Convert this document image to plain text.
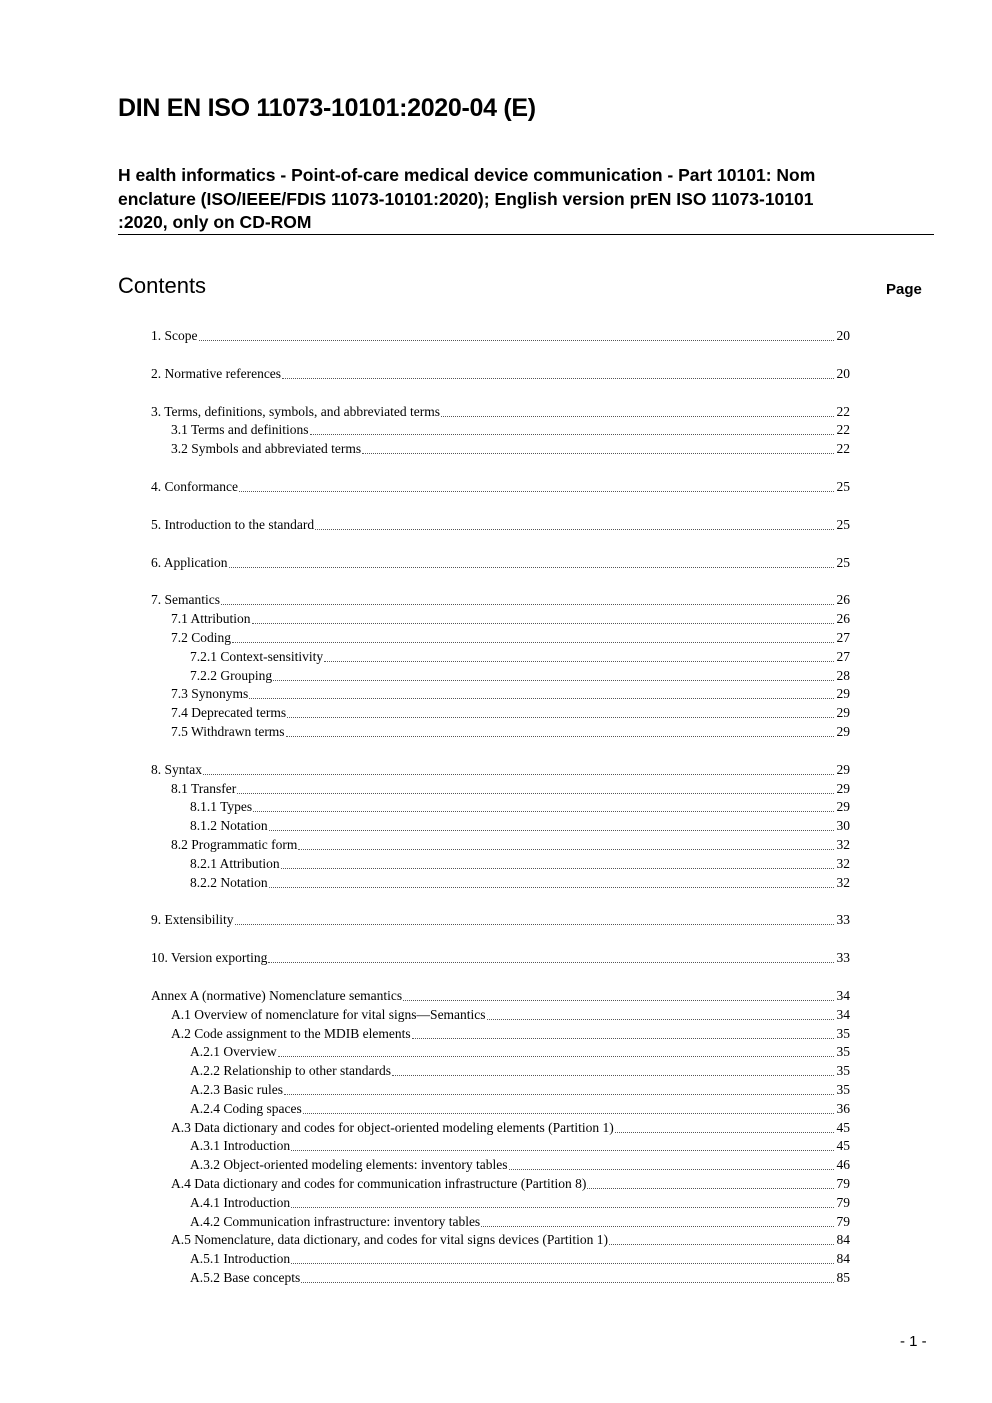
DIN EN ISO 11073-10101:2020-04 (E)
H ealth informatics - Point-of-care medical device communication - Part 10101: Nom
enclature (ISO/IEEE/FDIS 11073-10101:2020); English version prEN ISO 11073-10101
:2020, only on CD-ROM
Contents	Page
1. Scope	20
2. Normative references	20
3. Terms, definitions, symbols, and abbreviated terms	22
3.1 Terms and definitions	22
3.2 Symbols and abbreviated terms	22
4. Conformance	25
5. Introduction to the standard	25
6. Application	25
7. Semantics	26
7.1 Attribution	26
7.2 Coding	27
7.2.1 Context-sensitivity	27
7.2.2 Grouping	28
7.3 Synonyms	29
7.4 Deprecated terms	29
7.5 Withdrawn terms	29
8. Syntax	29
8.1 Transfer	29
8.1.1 Types	29
8.1.2 Notation	30
8.2 Programmatic form	32
8.2.1 Attribution	32
8.2.2 Notation	32
9. Extensibility	33
10. Version exporting	33
Annex A (normative) Nomenclature semantics	34
A.1 Overview of nomenclature for vital signs—Semantics	34
A.2 Code assignment to the MDIB elements	35
A.2.1 Overview	35
A.2.2 Relationship to other standards	35
A.2.3 Basic rules	35
A.2.4 Coding spaces	36
A.3 Data dictionary and codes for object-oriented modeling elements (Partition 1)	45
A.3.1 Introduction	45
A.3.2 Object-oriented modeling elements: inventory tables	46
A.4 Data dictionary and codes for communication infrastructure (Partition 8)	79
A.4.1 Introduction	79
A.4.2 Communication infrastructure: inventory tables	79
A.5 Nomenclature, data dictionary, and codes for vital signs devices (Partition 1)	84
A.5.1 Introduction	84
A.5.2 Base concepts	85
- 1 -
